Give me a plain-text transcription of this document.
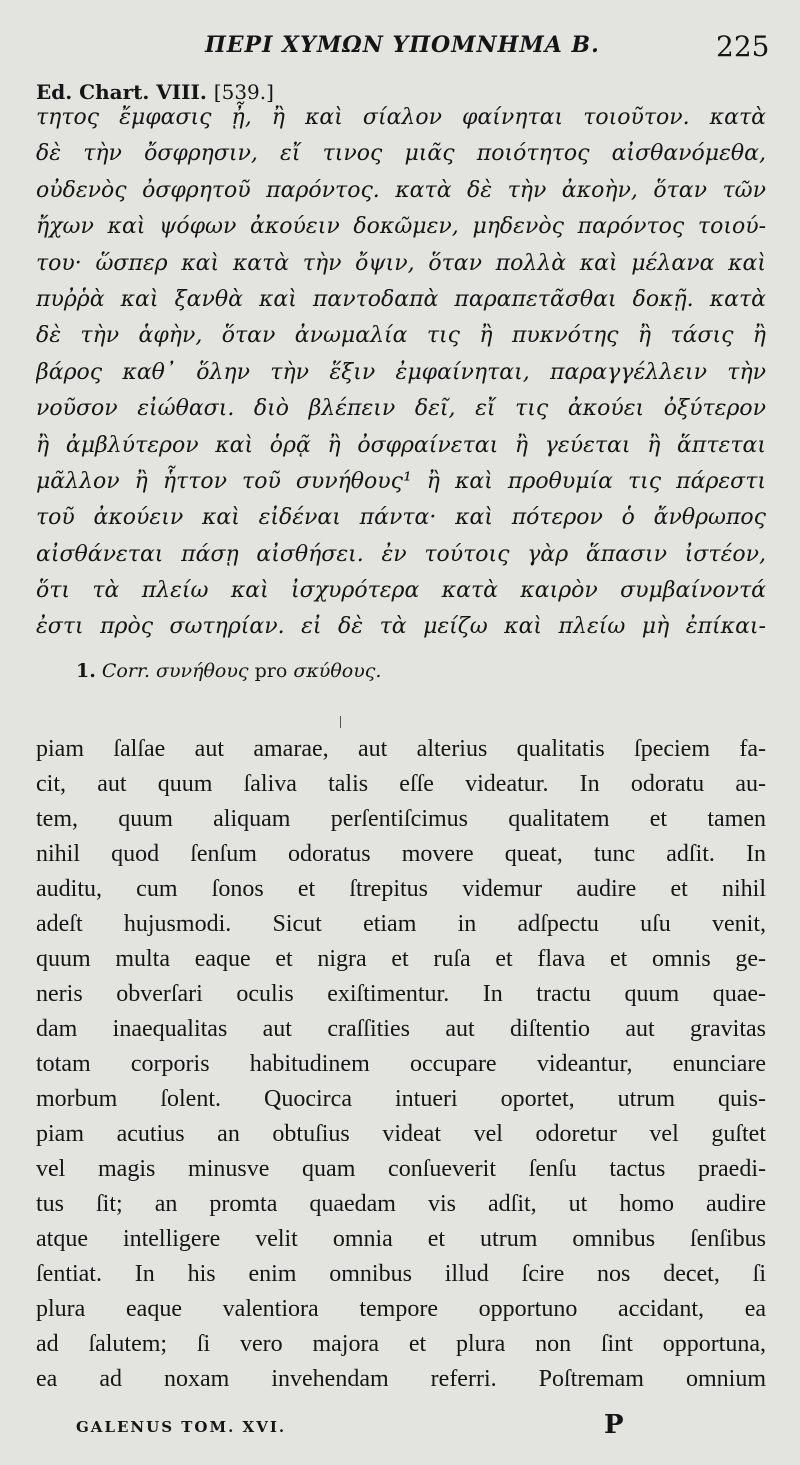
ΠΕΡΙ ΧΥΜΩΝ ΥΠΟΜΝΗΜΑ Β.	225
Ed. Chart. VIII. [539.]
τητος ἔμφασις ᾖ, ἢ καὶ σίαλον φαίνηται τοιοῦτον. κατὰ
δὲ τὴν ὄσφρησιν, εἴ τινος μιᾶς ποιότητος αἰσθανόμεθα,
οὐδενὸς ὀσφρητοῦ παρόντος. κατὰ δὲ τὴν ἀκοὴν, ὅταν τῶν
ἤχων καὶ ψόφων ἀκούειν δοκῶμεν, μηδενὸς παρόντος τοιού-
του· ὥσπερ καὶ κατὰ τὴν ὄψιν, ὅταν πολλὰ καὶ μέλανα καὶ
πυῤῥὰ καὶ ξανθὰ καὶ παντοδαπὰ παραπετᾶσθαι δοκῇ. κατὰ
δὲ τὴν ἁφὴν, ὅταν ἀνωμαλία τις ἢ πυκνότης ἢ τάσις ἢ
βάρος καθ᾽ ὅλην τὴν ἕξιν ἐμφαίνηται, παραγγέλλειν τὴν
νοῦσον εἰώθασι. διὸ βλέπειν δεῖ, εἴ τις ἀκούει ὀξύτερον
ἢ ἀμβλύτερον καὶ ὁρᾷ ἢ ὀσφραίνεται ἢ γεύεται ἢ ἅπτεται
μᾶλλον ἢ ἧττον τοῦ συνήθους¹ ἢ καὶ προθυμία τις πάρεστι
τοῦ ἀκούειν καὶ εἰδέναι πάντα· καὶ πότερον ὁ ἄνθρωπος
αἰσθάνεται πάσῃ αἰσθήσει. ἐν τούτοις γὰρ ἅπασιν ἰστέον,
ὅτι τὰ πλείω καὶ ἰσχυρότερα κατὰ καιρὸν συμβαίνοντά
ἐστι πρὸς σωτηρίαν. εἰ δὲ τὰ μείζω καὶ πλείω μὴ ἐπίκαι-
1. Corr. συνήθους pro σκύθους.
piam ſalſae aut amarae, aut alterius qualitatis ſpeciem fa-
cit, aut quum ſaliva talis eſſe videatur. In odoratu au-
tem, quum aliquam perſentiſcimus qualitatem et tamen
nihil quod ſenſum odoratus movere queat, tunc adſit. In
auditu, cum ſonos et ſtrepitus videmur audire et nihil
adeſt hujusmodi. Sicut etiam in adſpectu uſu venit,
quum multa eaque et nigra et ruſa et flava et omnis ge-
neris obverſari oculis exiſtimentur. In tractu quum quae-
dam inaequalitas aut craſſities aut diſtentio aut gravitas
totam corporis habitudinem occupare videantur, enunciare
morbum ſolent. Quocirca intueri oportet, utrum quis-
piam acutius an obtuſius videat vel odoretur vel guſtet
vel magis minusve quam conſueverit ſenſu tactus praedi-
tus ſit; an promta quaedam vis adſit, ut homo audire
atque intelligere velit omnia et utrum omnibus ſenſibus
ſentiat. In his enim omnibus illud ſcire nos decet, ſi
plura eaque valentiora tempore opportuno accidant, ea
ad ſalutem; ſi vero majora et plura non ſint opportuna,
ea ad noxam invehendam referri. Poſtremam omnium
GALENUS TOM. XVI.	P
